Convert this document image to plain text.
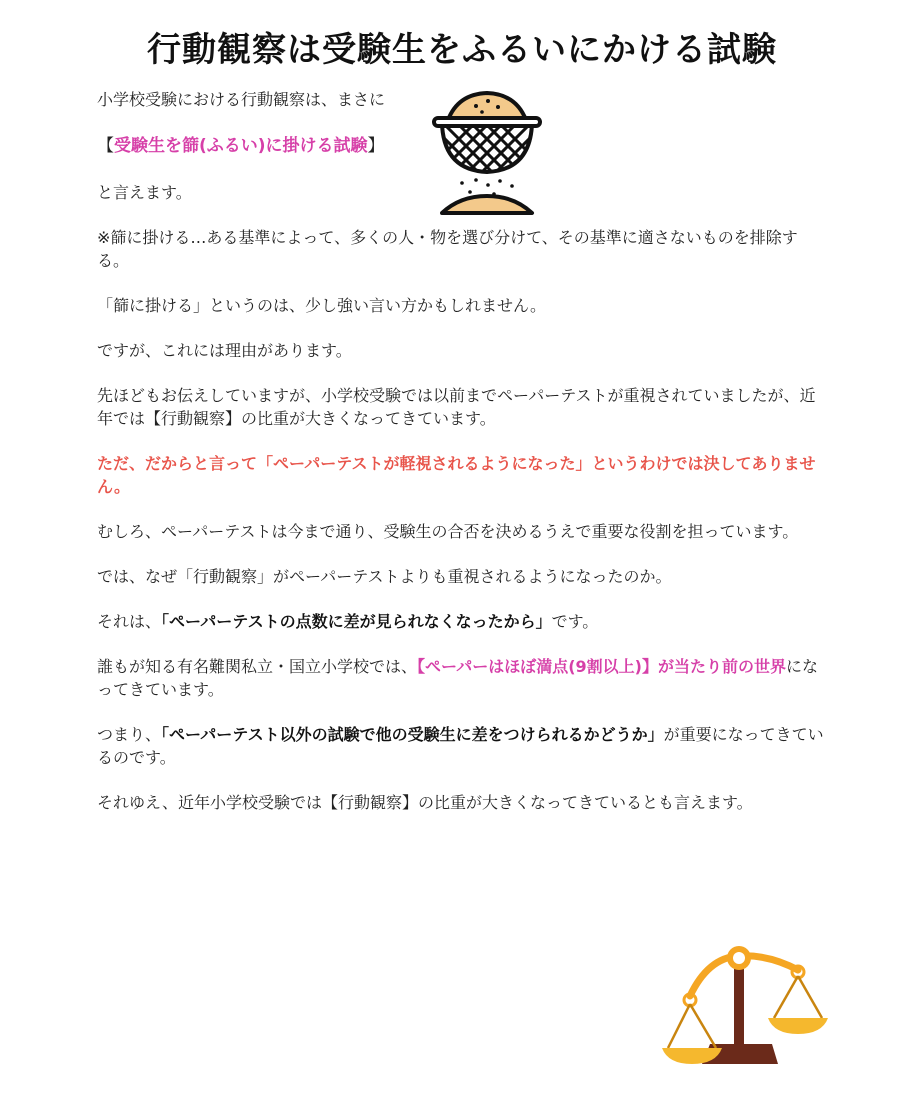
行動観察は受験生をふるいにかける試験

小学校受験における行動観察は、まさに

【受験生を篩(ふるい)に掛ける試験】

と言えます。

※篩に掛ける…ある基準によって、多くの人・物を選び分けて、その基準に適さないものを排除する。

「篩に掛ける」というのは、少し強い言い方かもしれません。

ですが、これには理由があります。

先ほどもお伝えしていますが、小学校受験では以前までペーパーテストが重視されていましたが、近年では【行動観察】の比重が大きくなってきています。

ただ、だからと言って「ペーパーテストが軽視されるようになった」というわけでは決してありません。

むしろ、ペーパーテストは今まで通り、受験生の合否を決めるうえで重要な役割を担っています。

では、なぜ「行動観察」がペーパーテストよりも重視されるようになったのか。

それは、「ペーパーテストの点数に差が見られなくなったから」です。

誰もが知る有名難関私立・国立小学校では、【ペーパーはほぼ満点(9割以上)】が当たり前の世界になってきています。

つまり、「ペーパーテスト以外の試験で他の受験生に差をつけられるかどうか」が重要になってきているのです。

それゆえ、近年小学校受験では【行動観察】の比重が大きくなってきているとも言えます。
